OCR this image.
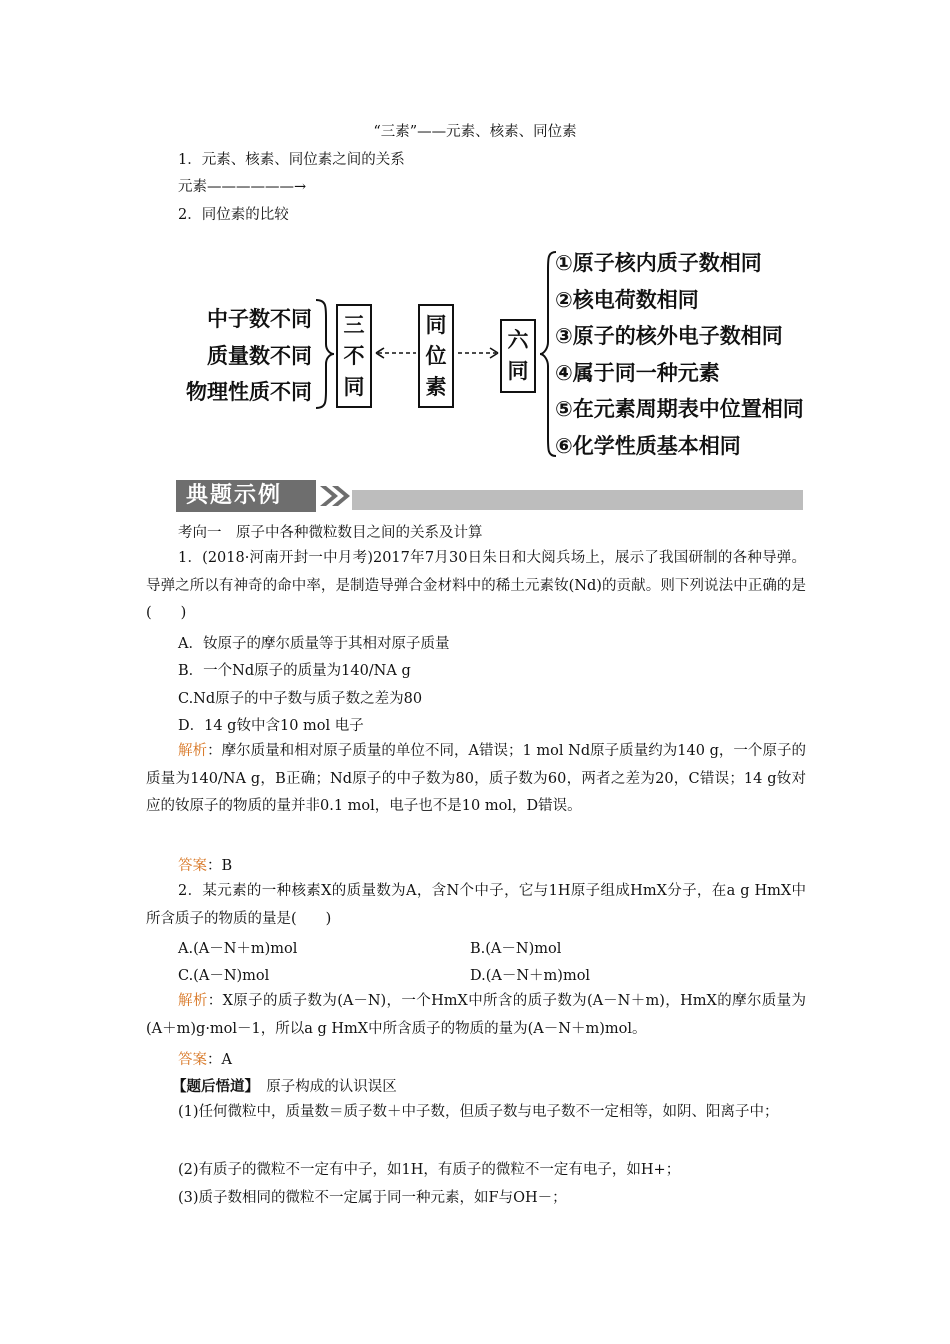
“三素”——元素、核素、同位素
1．元素、核素、同位素之间的关系
元素——————→
2．同位素的比较
中子数不同
质量数不同
物理性质不同
三
不
同
同
位
素
六
同
①原子核内质子数相同
②核电荷数相同
③原子的核外电子数相同
④属于同一种元素
⑤在元素周期表中位置相同
⑥化学性质基本相同
典题示例
考向一　原子中各种微粒数目之间的关系及计算
1．(2018·河南开封一中月考)2017年7月30日朱日和大阅兵场上，展示了我国研制的各种导弹。导弹之所以有神奇的命中率，是制造导弹合金材料中的稀土元素钕(Nd)的贡献。则下列说法中正确的是(　　)
A．钕原子的摩尔质量等于其相对原子质量
B．一个Nd原子的质量为140/NA g
C.Nd原子的中子数与质子数之差为80
D．14 g钕中含10 mol 电子
解析：摩尔质量和相对原子质量的单位不同，A错误；1 mol Nd原子质量约为140 g，一个原子的质量为140/NA g，B正确；Nd原子的中子数为80，质子数为60，两者之差为20，C错误；14 g钕对应的钕原子的物质的量并非0.1 mol，电子也不是10 mol，D错误。
答案：B
2．某元素的一种核素X的质量数为A，含N个中子，它与1H原子组成HmX分子，在a g HmX中所含质子的物质的量是(　　)
A.(A－N＋m)mol	B.(A－N)mol
C.(A－N)mol	D.(A－N＋m)mol
解析：X原子的质子数为(A－N)，一个HmX中所含的质子数为(A－N＋m)，HmX的摩尔质量为(A＋m)g·mol－1，所以a g HmX中所含质子的物质的量为(A－N＋m)mol。
答案：A
【题后悟道】　原子构成的认识误区
(1)任何微粒中，质量数＝质子数＋中子数，但质子数与电子数不一定相等，如阴、阳离子中；
(2)有质子的微粒不一定有中子，如1H，有质子的微粒不一定有电子，如H+；
(3)质子数相同的微粒不一定属于同一种元素，如F与OH－；
